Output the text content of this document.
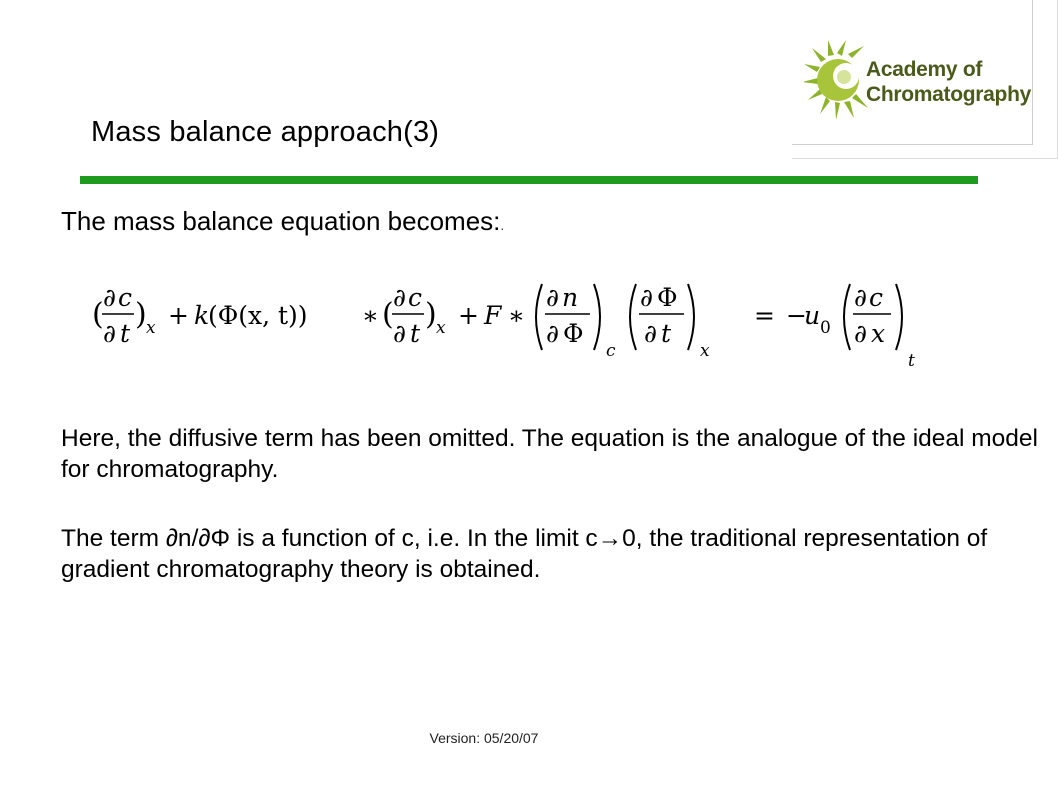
Academy of
Chromatography
Mass balance approach(3)
The mass balance equation becomes:.
( ∂ c
∂ t
) x + k
(Φ(x, t)) ∗ ( ∂ c
∂ t
) x + F ∗
∂ n
∂ Φ
c
∂ Φ
∂ t
x
= −
u 0
∂ c
∂ x
t
Here, the diffusive term has been omitted. The equation is the analogue of the ideal model for chromatography.
The term ∂n/∂Φ is a function of c, i.e. In the limit c→0, the traditional representation of gradient chromatography theory is obtained.
Version: 05/20/07
